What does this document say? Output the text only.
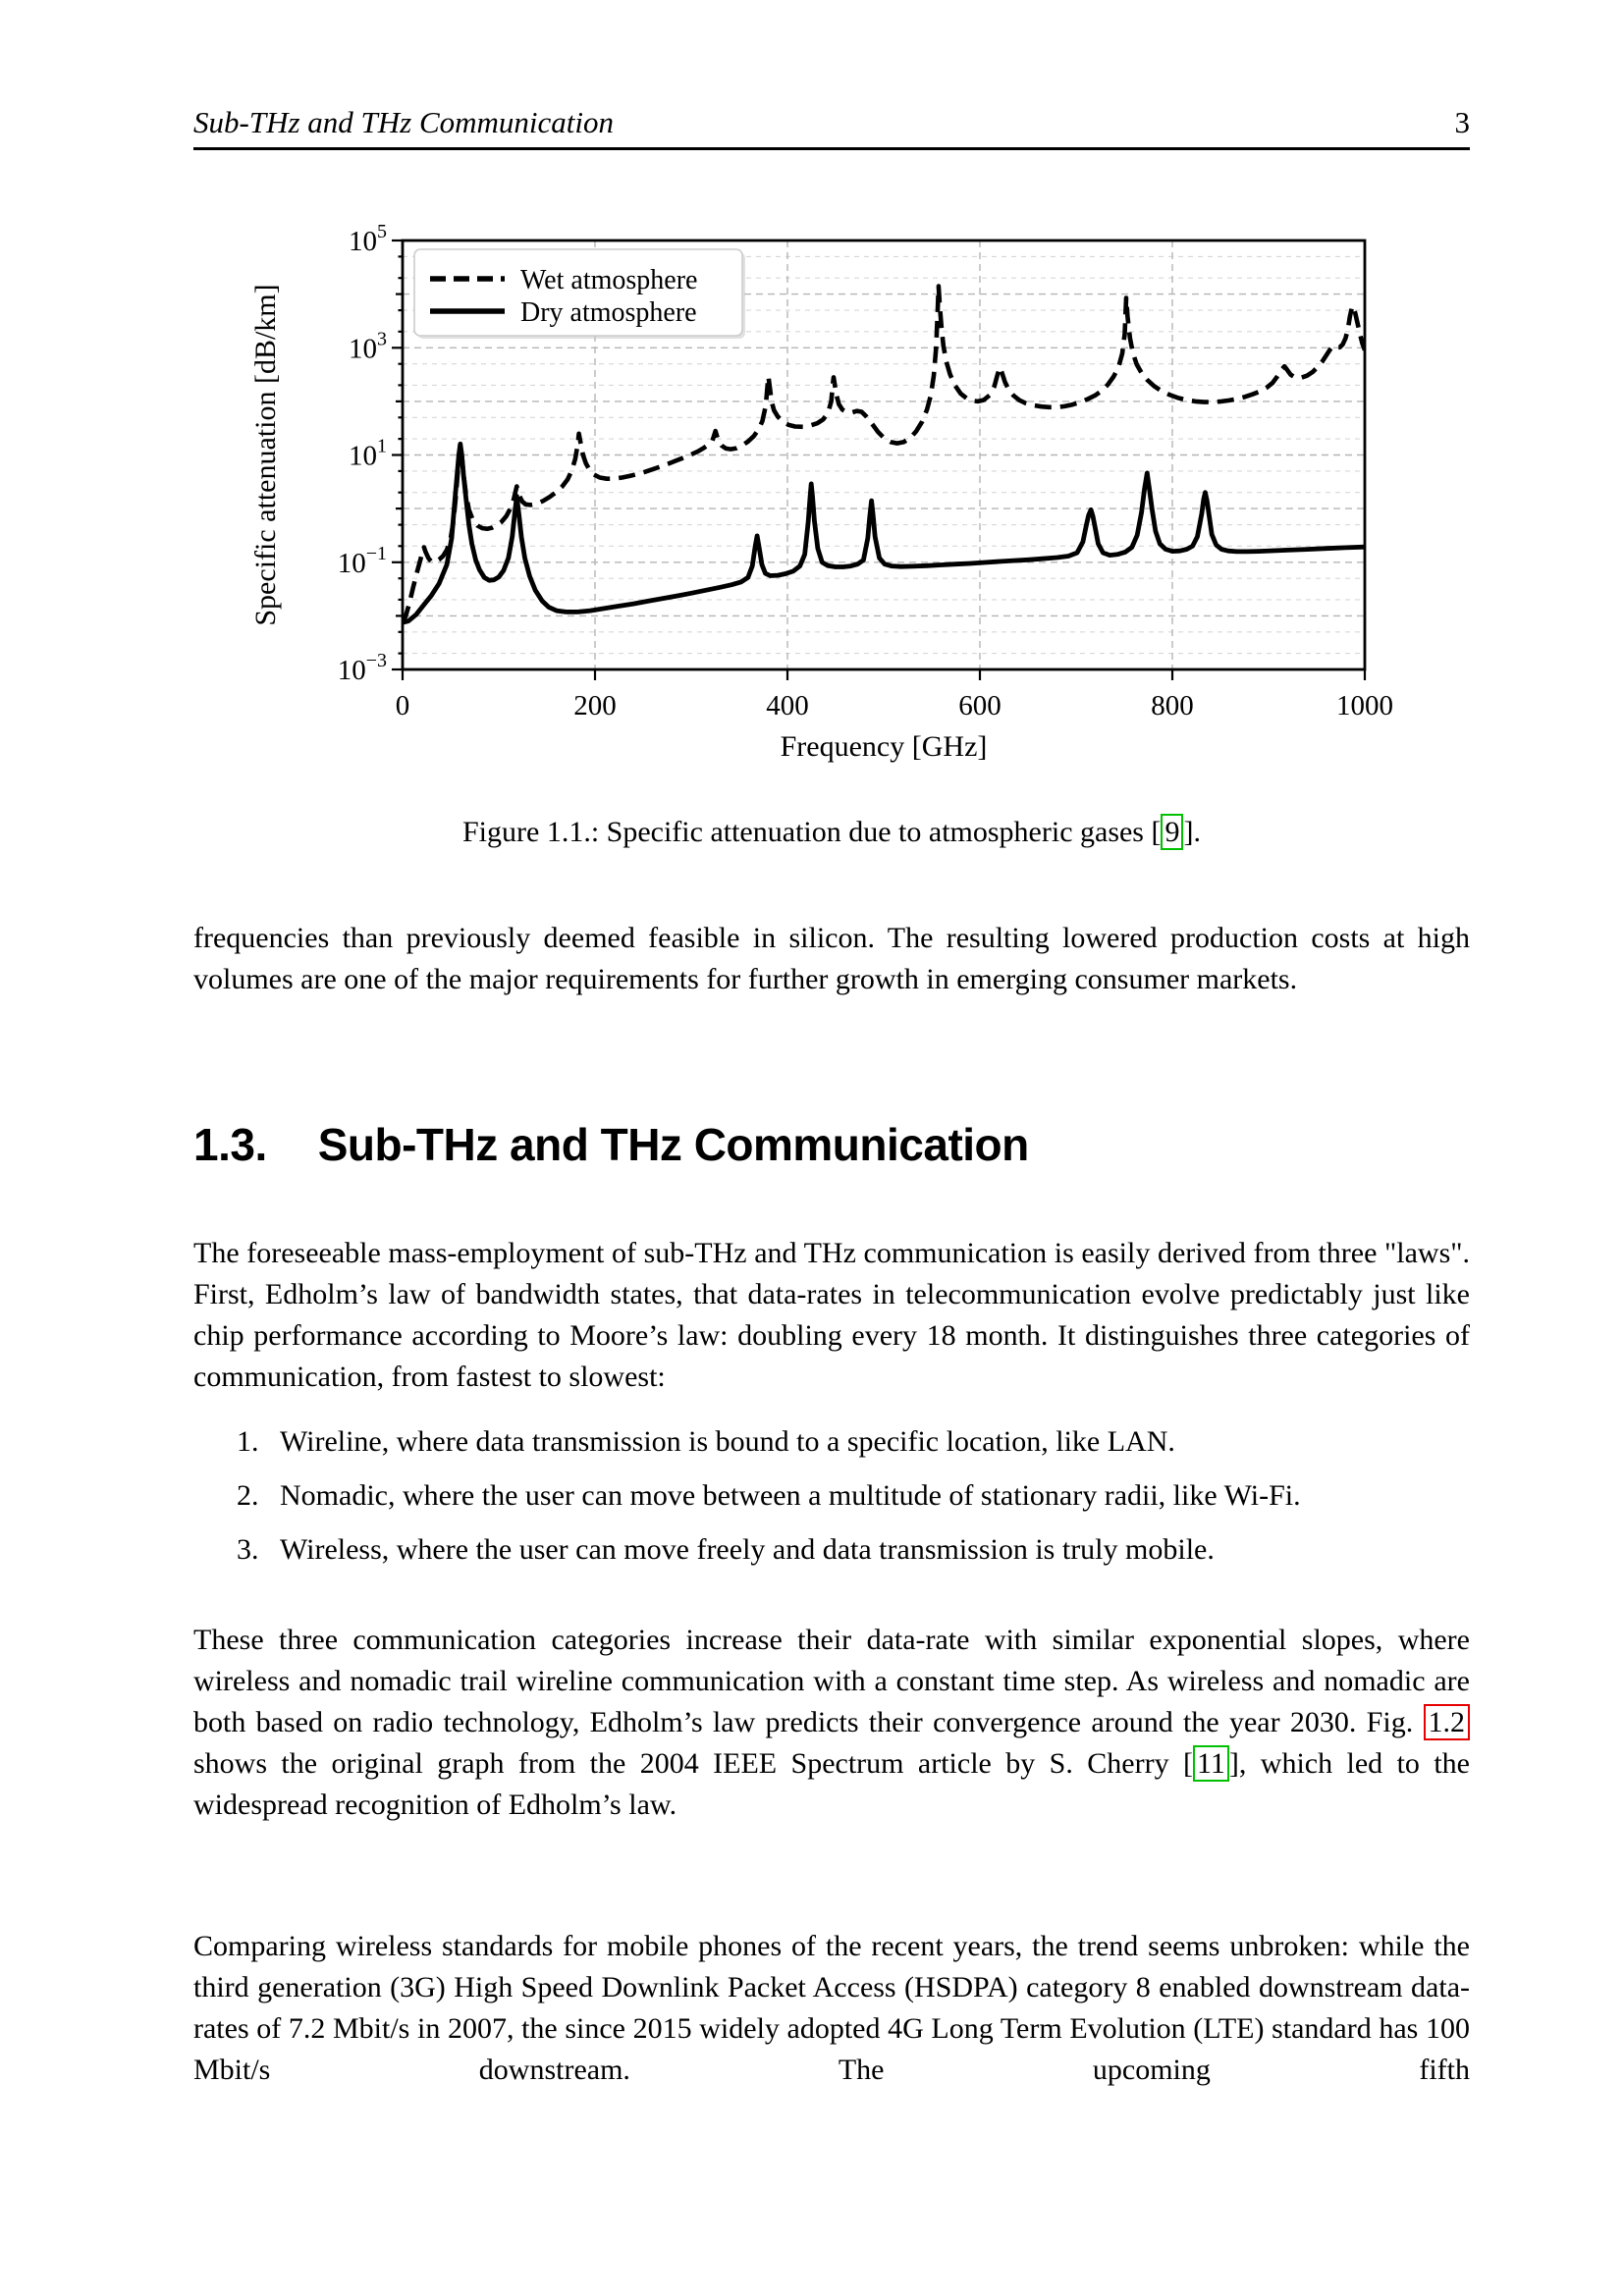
Sub-THz and THz Communication	3
0	200	400	600	800	1000
$10^{-3}$
$10^{-1}$
$10^1$
$10^3$
$10^5$
Frequency [GHz]
Specific attenuation [dB/km]
Wet atmosphere
Dry atmosphere
Figure 1.1.: Specific attenuation due to atmospheric gases [ 9 ].
frequencies than previously deemed feasible in silicon. The resulting lowered production costs at high volumes are one of the major requirements for further growth in emerging consumer markets.
1.3. Sub-THz and THz Communication
The foreseeable mass-employment of sub-THz and THz communication is easily derived from three "laws". First, Edholm’s law of bandwidth states, that data-rates in telecommunication evolve predictably just like chip performance according to Moore’s law: doubling every 18 month. It distinguishes three categories of communication, from fastest to slowest:
1. Wireline, where data transmission is bound to a specific location, like LAN.
2. Nomadic, where the user can move between a multitude of stationary radii, like Wi-Fi.
3. Wireless, where the user can move freely and data transmission is truly mobile.
These three communication categories increase their data-rate with similar exponential slopes, where wireless and nomadic trail wireline communication with a constant time step. As wireless and nomadic are both based on radio technology, Edholm’s law predicts their convergence around the year 2030. Fig. 1.2 shows the original graph from the 2004 IEEE Spectrum article by S. Cherry [ 11 ], which led to the widespread recognition of Edholm’s law.
Comparing wireless standards for mobile phones of the recent years, the trend seems unbroken: while the third generation (3G) High Speed Downlink Packet Access (HSDPA) category 8 enabled downstream data-rates of 7.2 Mbit/s in 2007, the since 2015 widely adopted 4G Long Term Evolution (LTE) standard has 100 Mbit/s downstream. The upcoming fifth
